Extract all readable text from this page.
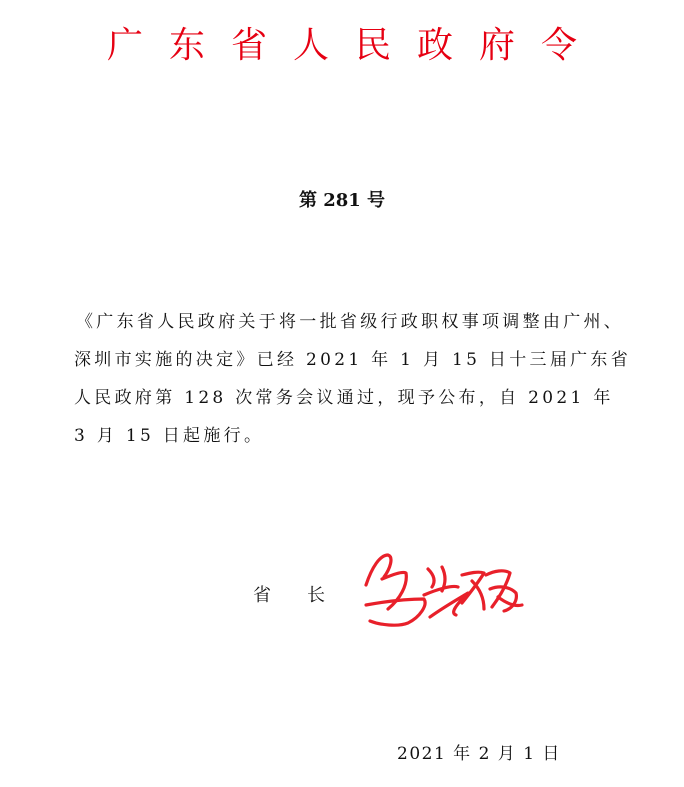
广东省人民政府令
第 281 号

《广东省人民政府关于将一批省级行政职权事项调整由广州、深圳市实施的决定》已经 2021 年 1 月 15 日十三届广东省人民政府第 128 次常务会议通过，现予公布，自 2021 年 3 月 15 日起施行。

省长
2021 年 2 月 1 日
